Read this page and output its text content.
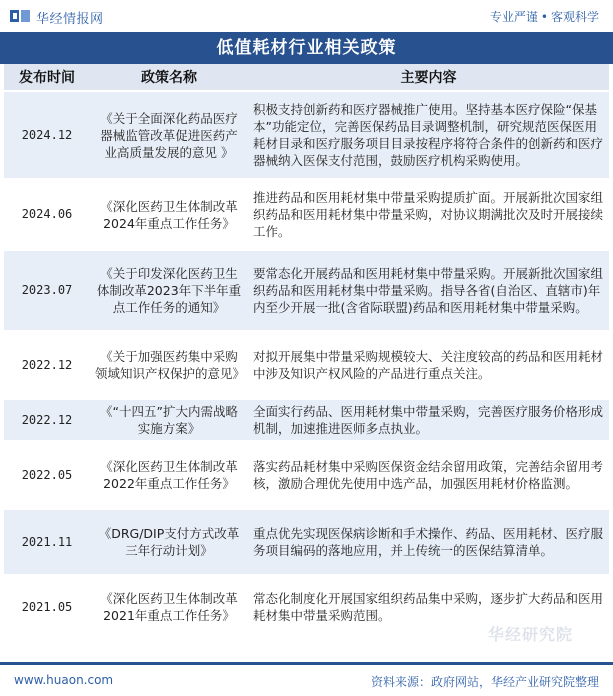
华经情报网	专业严谨 • 客观科学
低值耗材行业相关政策
发布时间	政策名称	主要内容
2024.12	《关于全面深化药品医疗器械监管改革促进医药产业高质量发展的意见 》	积极支持创新药和医疗器械推广使用。坚持基本医疗保险“保基本”功能定位，完善医保药品目录调整机制，研究规范医保医用耗材目录和医疗服务项目目录按程序将符合条件的创新药和医疗器械纳入医保支付范围，鼓励医疗机构采购使用。
2024.06	《深化医药卫生体制改革2024年重点工作任务》	推进药品和医用耗材集中带量采购提质扩面。开展新批次国家组织药品和医用耗材集中带量采购，对协议期满批次及时开展接续工作。
2023.07	《关于印发深化医药卫生体制改革2023年下半年重点工作任务的通知》	要常态化开展药品和医用耗材集中带量采购。开展新批次国家组织药品和医用耗材集中带量采购。指导各省(自治区、直辖市)年内至少开展一批(含省际联盟)药品和医用耗材集中带量采购。
2022.12	《关于加强医药集中采购领域知识产权保护的意见》	对拟开展集中带量采购规模较大、关注度较高的药品和医用耗材中涉及知识产权风险的产品进行重点关注。
2022.12	《“十四五”扩大内需战略实施方案》	全面实行药品、医用耗材集中带量采购，完善医疗服务价格形成机制，加速推进医师多点执业。
2022.05	《深化医药卫生体制改革2022年重点工作任务》	落实药品耗材集中采购医保资金结余留用政策，完善结余留用考核，激励合理优先使用中选产品，加强医用耗材价格监测。
2021.11	《DRG/DIP支付方式改革三年行动计划》	重点优先实现医保病诊断和手术操作、药品、医用耗材、医疗服务项目编码的落地应用，并上传统一的医保结算清单。
2021.05	《深化医药卫生体制改革2021年重点工作任务》	常态化制度化开展国家组织药品集中采购，逐步扩大药品和医用耗材集中带量采购范围。
华经研究院
www.huaon.com	资料来源：政府网站，华经产业研究院整理
